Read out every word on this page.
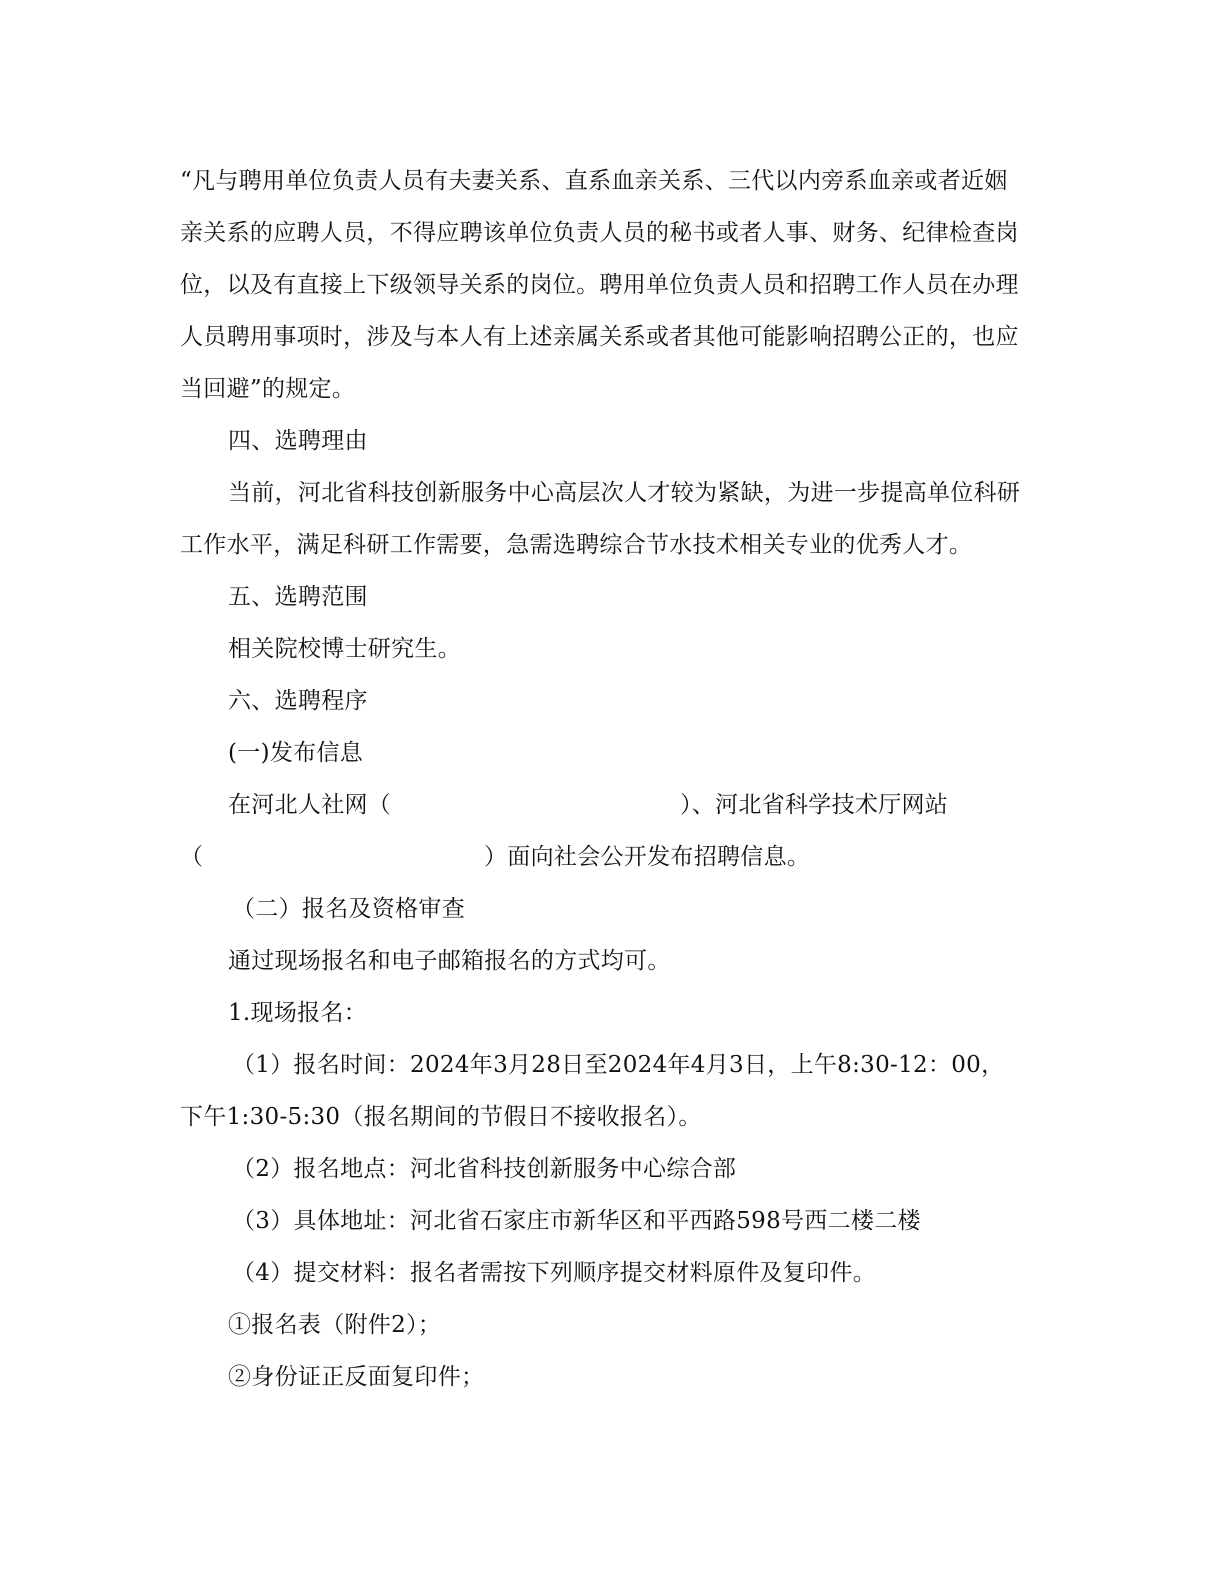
“凡与聘用单位负责人员有夫妻关系、直系血亲关系、三代以内旁系血亲或者近姻
亲关系的应聘人员，不得应聘该单位负责人员的秘书或者人事、财务、纪律检查岗
位，以及有直接上下级领导关系的岗位。聘用单位负责人员和招聘工作人员在办理
人员聘用事项时，涉及与本人有上述亲属关系或者其他可能影响招聘公正的，也应
当回避”的规定。
四、选聘理由
当前，河北省科技创新服务中心高层次人才较为紧缺，为进一步提高单位科研
工作水平，满足科研工作需要，急需选聘综合节水技术相关专业的优秀人才。
五、选聘范围
相关院校博士研究生。
六、选聘程序
(一)发布信息
在河北人社网（	）、河北省科学技术厅网站
（	）面向社会公开发布招聘信息。
（二）报名及资格审查
通过现场报名和电子邮箱报名的方式均可。
1.现场报名：
（1）报名时间：2024年3月28日至2024年4月3日，上午8:30-12：00，
下午1:30-5:30（报名期间的节假日不接收报名）。
（2）报名地点：河北省科技创新服务中心综合部
（3）具体地址：河北省石家庄市新华区和平西路598号西二楼二楼
（4）提交材料：报名者需按下列顺序提交材料原件及复印件。
①报名表（附件2）；
②身份证正反面复印件；
